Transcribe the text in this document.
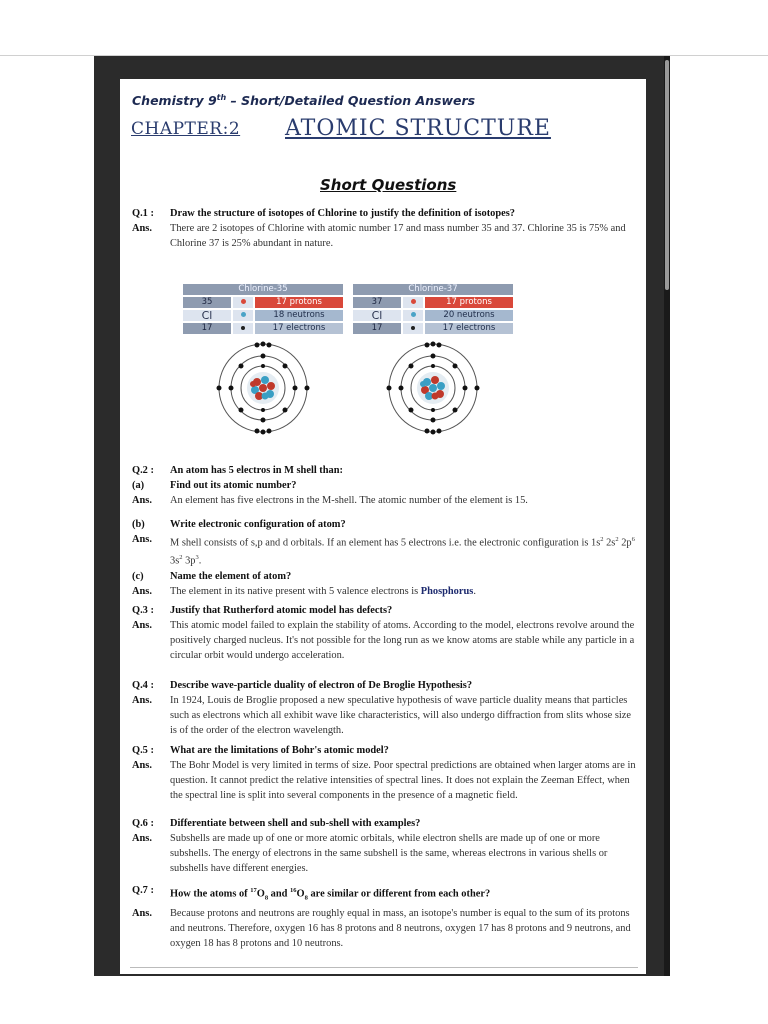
Chemistry 9th – Short/Detailed Question Answers
CHAPTER:2 ATOMIC STRUCTURE
Short Questions
Q.1 :	Draw the structure of isotopes of Chlorine to justify the definition of isotopes?
Ans.	There are 2 isotopes of Chlorine with atomic number 17 and mass number 35 and 37. Chlorine 35 is 75% and Chlorine 37 is 25% abundant in nature.
Chlorine-35
35	17 protons
Cl	18 neutrons
17	17 electrons
Chlorine-37
37	17 protons
Cl	20 neutrons
17	17 electrons
Q.2 :	An atom has 5 electros in M shell than:
(a)	Find out its atomic number?
Ans.	An element has five electrons in the M-shell. The atomic number of the element is 15.
(b)	Write electronic configuration of atom?
Ans.	M shell consists of s,p and d orbitals. If an element has 5 electrons i.e. the electronic configuration is $1s^2$ $2s^2$ $2p^6$ $3s^2$ $3p^3$.
(c)	Name the element of atom?
Ans.	The element in its native present with 5 valence electrons is Phosphorus.
Q.3 :	Justify that Rutherford atomic model has defects?
Ans.	This atomic model failed to explain the stability of atoms. According to the model, electrons revolve around the positively charged nucleus. It's not possible for the long run as we know atoms are stable while any particle in a circular orbit would undergo acceleration.
Q.4 :	Describe wave-particle duality of electron of De Broglie Hypothesis?
Ans.	In 1924, Louis de Broglie proposed a new speculative hypothesis of wave particle duality means that particles such as electrons which all exhibit wave like characteristics, will also undergo diffraction from slits whose size is of the order of the electron wavelength.
Q.5 :	What are the limitations of Bohr's atomic model?
Ans.	The Bohr Model is very limited in terms of size. Poor spectral predictions are obtained when larger atoms are in question. It cannot predict the relative intensities of spectral lines. It does not explain the Zeeman Effect, when the spectral line is split into several components in the presence of a magnetic field.
Q.6 :	Differentiate between shell and sub-shell with examples?
Ans.	Subshells are made up of one or more atomic orbitals, while electron shells are made up of one or more subshells. The energy of electrons in the same subshell is the same, whereas electrons in various shells or subshells have different energies.
Q.7 :	How the atoms of $^{17}O_8$ and $^{16}O_8$ are similar or different from each other?
Ans.	Because protons and neutrons are roughly equal in mass, an isotope's number is equal to the sum of its protons and neutrons. Therefore, oxygen 16 has 8 protons and 8 neutrons, oxygen 17 has 8 protons and 9 neutrons, and oxygen 18 has 8 protons and 10 neutrons.
